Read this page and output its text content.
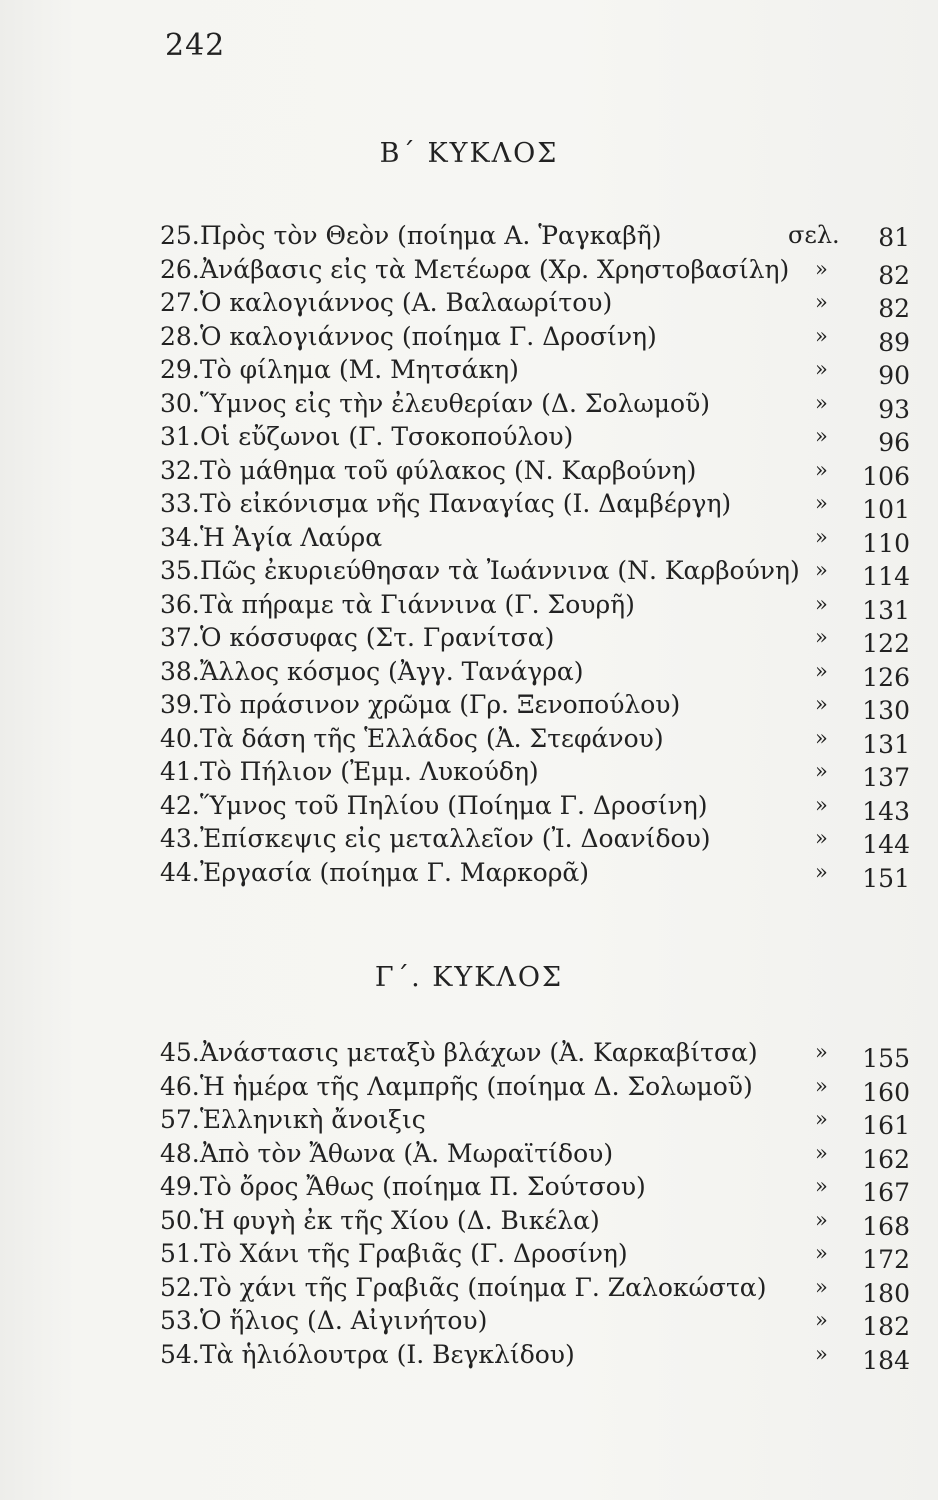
242
Β΄ ΚΥΚΛΟΣ
25.Πρὸς τὸν Θεὸν (ποίημα Α. Ῥαγκαβῆ)	σελ. 81
26.Ἀνάβασις εἰς τὰ Μετέωρα (Χρ. Χρηστοβασίλη) » 82
27.Ὁ καλογιάννος (Α. Βαλαωρίτου)	» 82
28.Ὁ καλογιάννος (ποίημα Γ. Δροσίνη)	» 89
29.Τὸ φίλημα (Μ. Μητσάκη)	» 90
30.Ὕμνος εἰς τὴν ἐλευθερίαν (Δ. Σολωμοῦ)	» 93
31.Οἱ εὔζωνοι (Γ. Τσοκοπούλου)	» 96
32.Τὸ μάθημα τοῦ φύλακος (Ν. Καρβούνη)	» 106
33.Τὸ εἰκόνισμα νῆς Παναγίας (Ι. Δαμβέργη)	» 101
34.Ἡ Ἁγία Λαύρα	» 110
35.Πῶς ἐκυριεύθησαν τὰ Ἰωάννινα (Ν. Καρβούνη) » 114
36.Τὰ πήραμε τὰ Γιάννινα (Γ. Σουρῆ)	» 131
37.Ὁ κόσσυφας (Στ. Γρανίτσα)	» 122
38.Ἄλλος κόσμος (Ἀγγ. Τανάγρα)	» 126
39.Τὸ πράσινον χρῶμα (Γρ. Ξενοπούλου)	» 130
40.Τὰ δάση τῆς Ἑλλάδος (Ἀ. Στεφάνου)	» 131
41.Τὸ Πήλιον (Ἐμμ. Λυκούδη)	» 137
42.Ὕμνος τοῦ Πηλίου (Ποίημα Γ. Δροσίνη)	» 143
43.Ἐπίσκεψις εἰς μεταλλεῖον (Ἰ. Δοανίδου)	» 144
44.Ἐργασία (ποίημα Γ. Μαρκορᾶ)	» 151
Γ΄. ΚΥΚΛΟΣ
45.Ἀνάστασις μεταξὺ βλάχων (Ἀ. Καρκαβίτσα)	» 155
46.Ἡ ἡμέρα τῆς Λαμπρῆς (ποίημα Δ. Σολωμοῦ)	» 160
57.Ἑλληνικὴ ἄνοιξις	» 161
48.Ἀπὸ τὸν Ἄθωνα (Ἀ. Μωραϊτίδου)	» 162
49.Τὸ ὄρος Ἄθως (ποίημα Π. Σούτσου)	» 167
50.Ἡ φυγὴ ἐκ τῆς Χίου (Δ. Βικέλα)	» 168
51.Τὸ Χάνι τῆς Γραβιᾶς (Γ. Δροσίνη)	» 172
52.Τὸ χάνι τῆς Γραβιᾶς (ποίημα Γ. Ζαλοκώστα) » 180
53.Ὁ ἥλιος (Δ. Αἰγινήτου)	» 182
54.Τὰ ἡλιόλουτρα (Ι. Βεγκλίδου)	» 184
